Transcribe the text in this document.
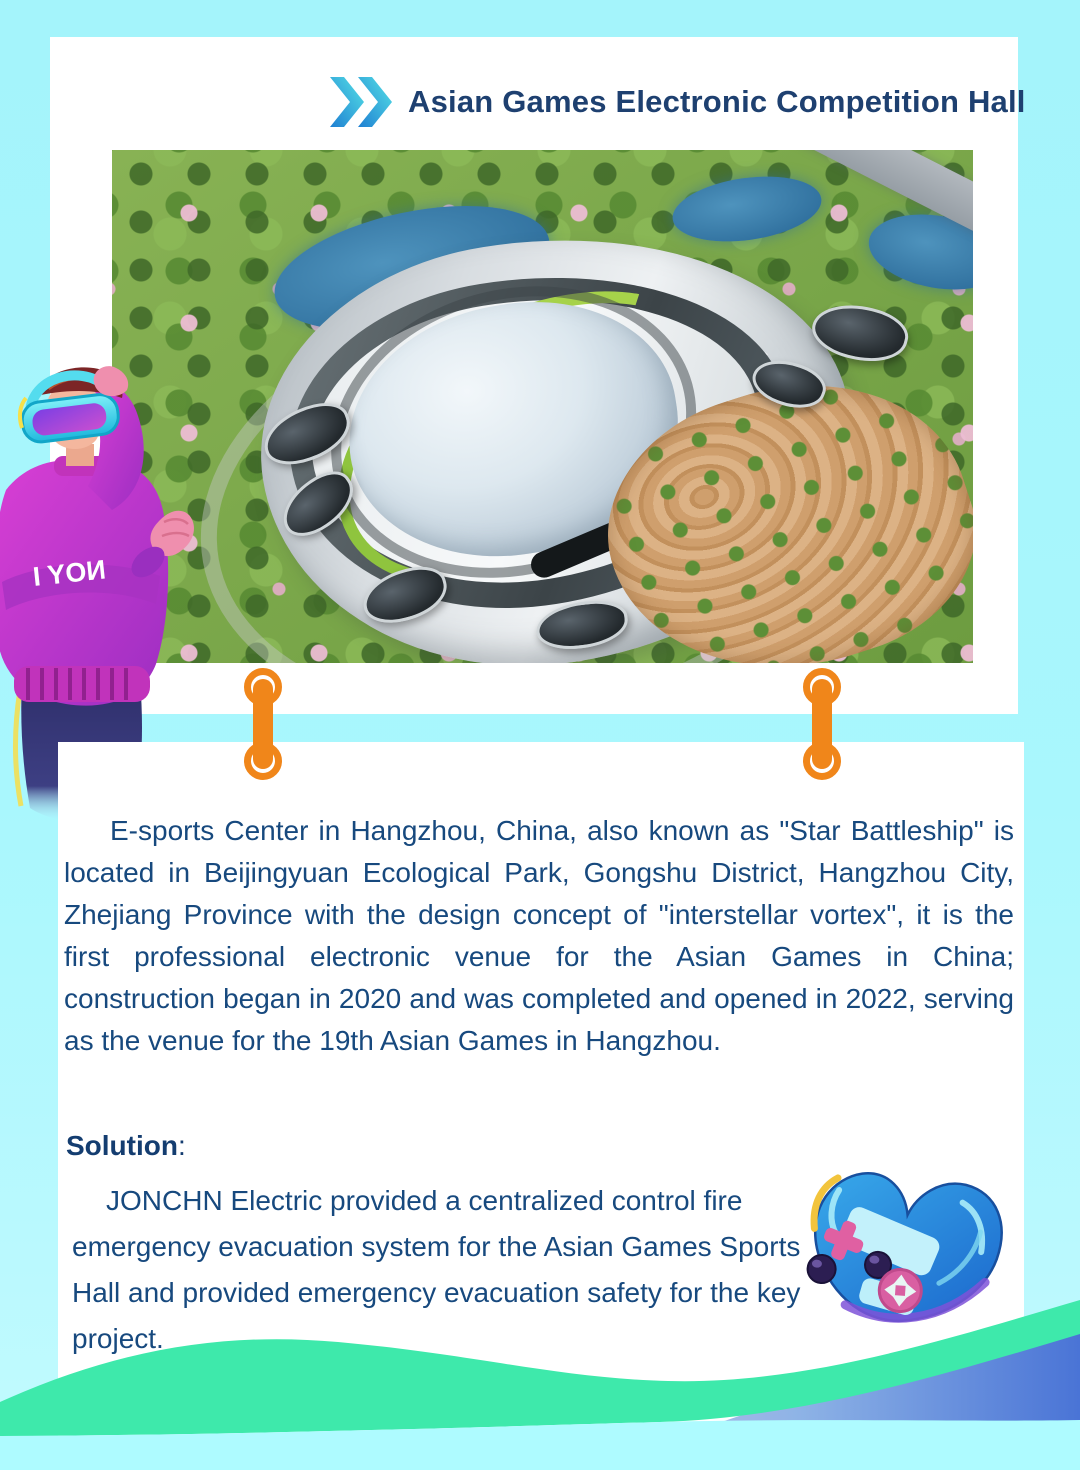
Asian Games Electronic Competition Hall
I YOИ

E-sports Center in Hangzhou, China, also known as "Star Battleship" is located in Beijingyuan Ecological Park, Gongshu District, Hangzhou City, Zhejiang Province with the design concept of "interstellar vortex", it is the first professional electronic venue for the Asian Games in China; construction began in 2020 and was completed and opened in 2022, serving as the venue for the 19th Asian Games in Hangzhou.

Solution:

JONCHN Electric provided a centralized control fire emergency evacuation system for the Asian Games Sports Hall and provided emergency evacuation safety for the key project.
